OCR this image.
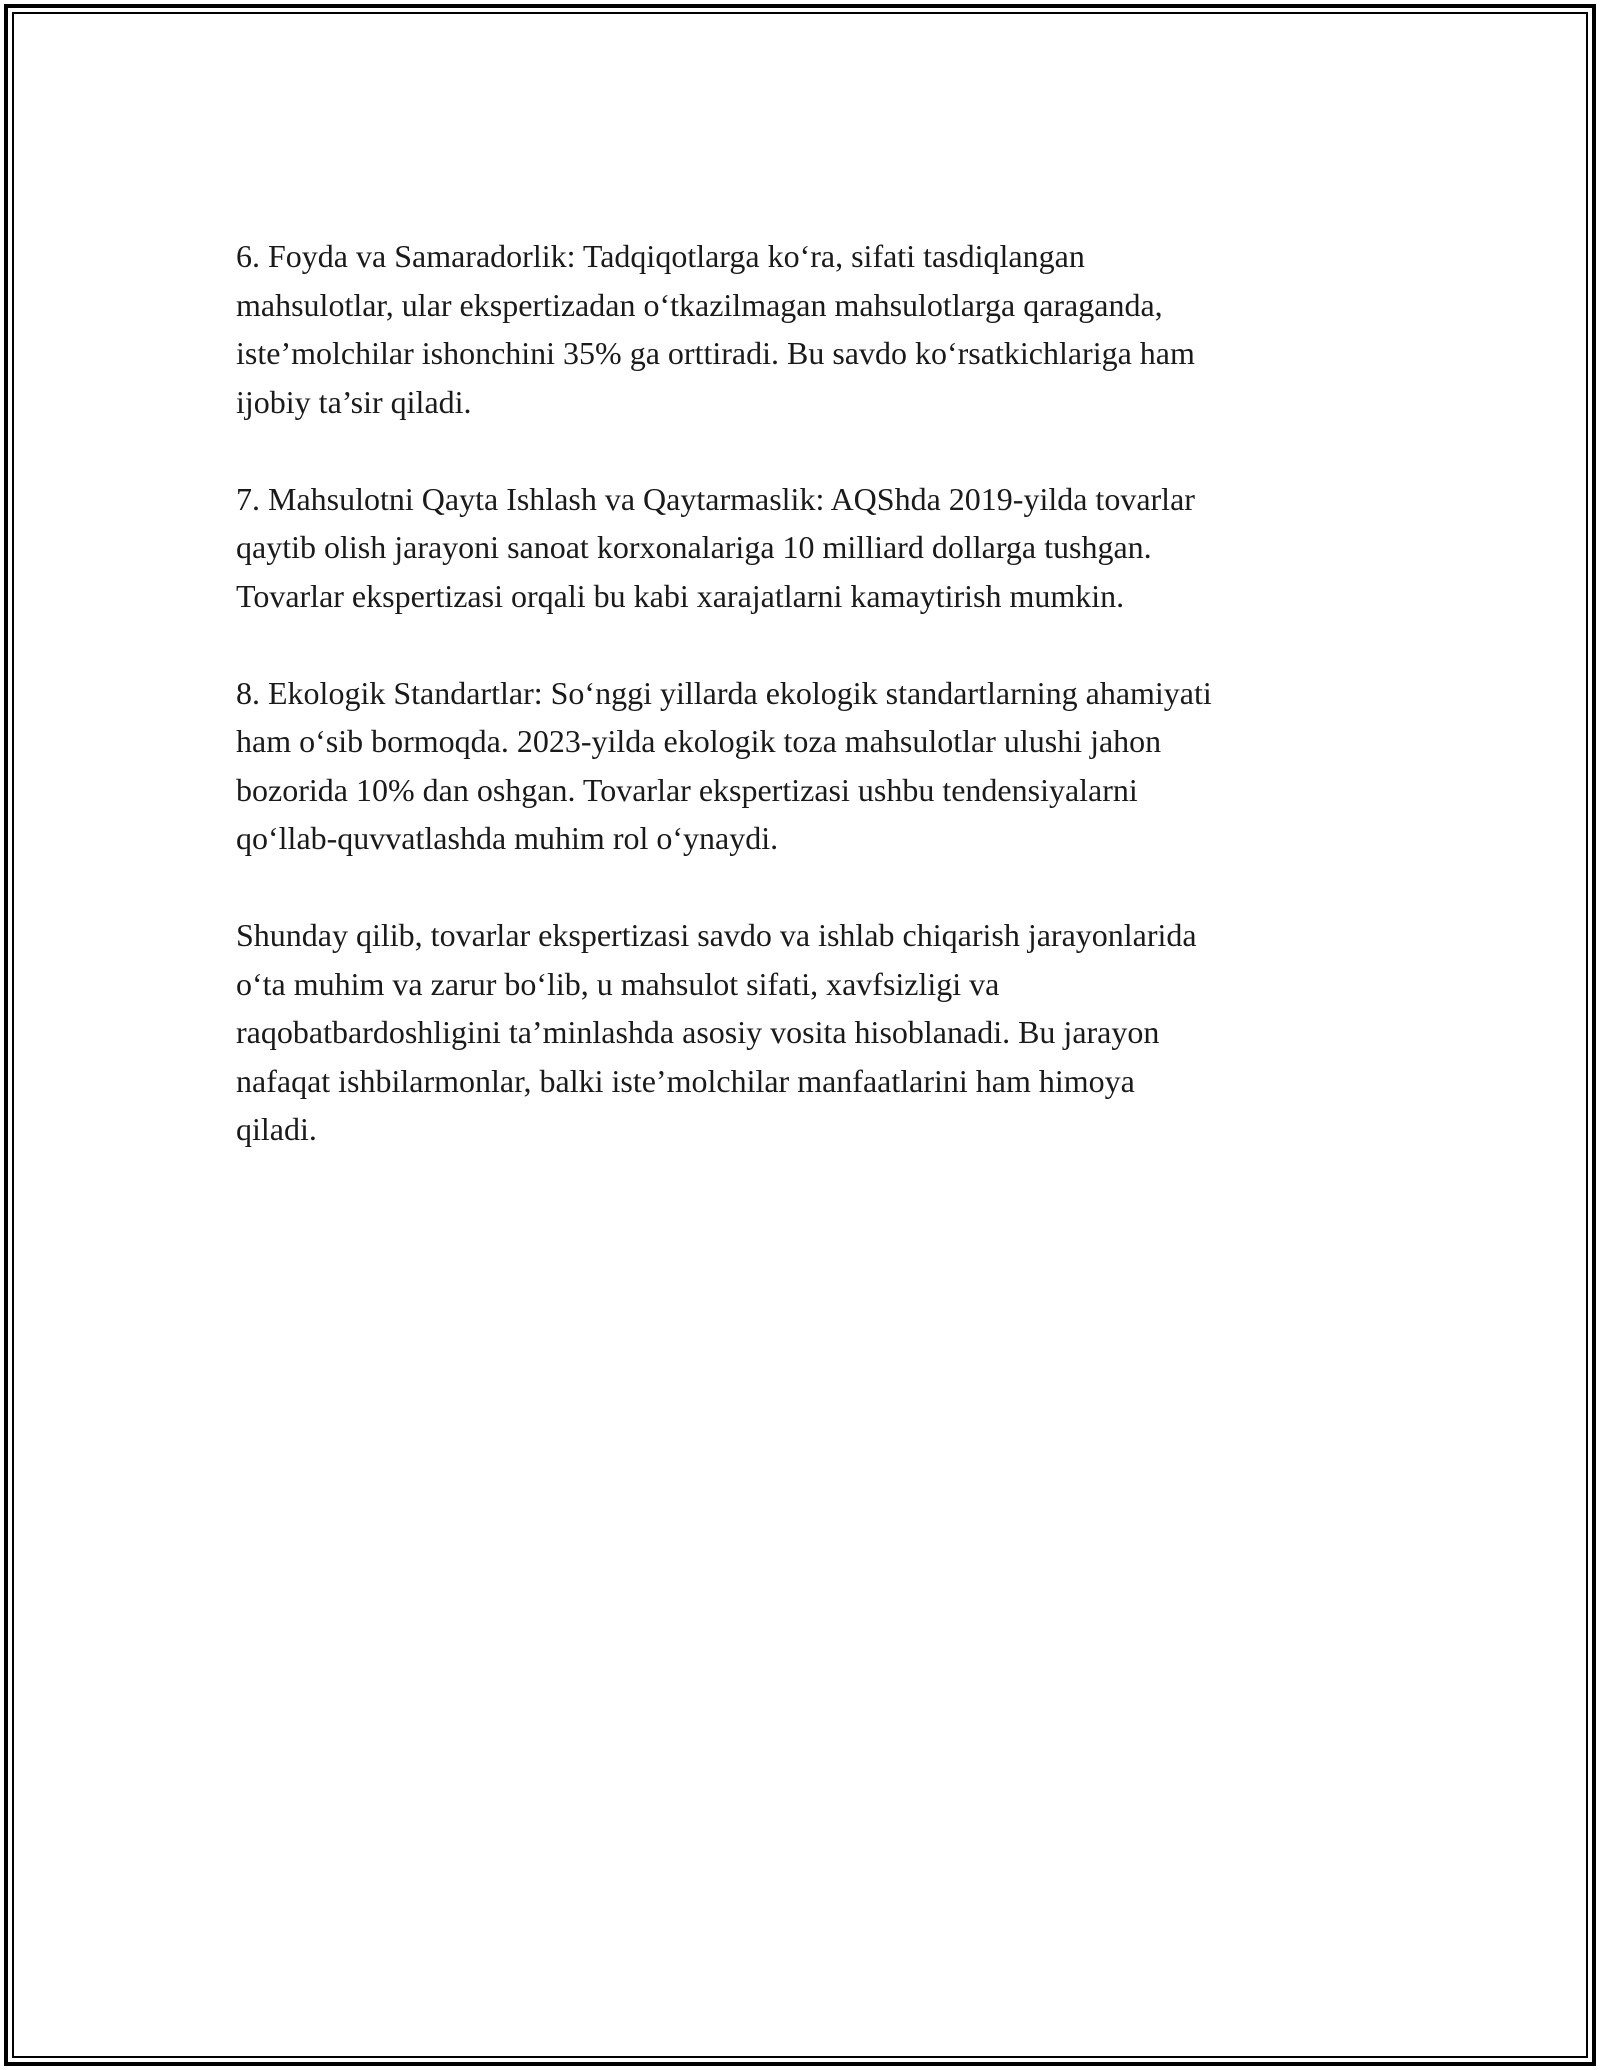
6. Foyda va Samaradorlik: Tadqiqotlarga ko‘ra, sifati tasdiqlangan
mahsulotlar, ular ekspertizadan o‘tkazilmagan mahsulotlarga qaraganda,
iste’molchilar ishonchini 35% ga orttiradi. Bu savdo ko‘rsatkichlariga ham
ijobiy ta’sir qiladi.

7. Mahsulotni Qayta Ishlash va Qaytarmaslik: AQShda 2019-yilda tovarlar
qaytib olish jarayoni sanoat korxonalariga 10 milliard dollarga tushgan.
Tovarlar ekspertizasi orqali bu kabi xarajatlarni kamaytirish mumkin.

8. Ekologik Standartlar: So‘nggi yillarda ekologik standartlarning ahamiyati
ham o‘sib bormoqda. 2023-yilda ekologik toza mahsulotlar ulushi jahon
bozorida 10% dan oshgan. Tovarlar ekspertizasi ushbu tendensiyalarni
qo‘llab-quvvatlashda muhim rol o‘ynaydi.

Shunday qilib, tovarlar ekspertizasi savdo va ishlab chiqarish jarayonlarida
o‘ta muhim va zarur bo‘lib, u mahsulot sifati, xavfsizligi va
raqobatbardoshligini ta’minlashda asosiy vosita hisoblanadi. Bu jarayon
nafaqat ishbilarmonlar, balki iste’molchilar manfaatlarini ham himoya
qiladi.
